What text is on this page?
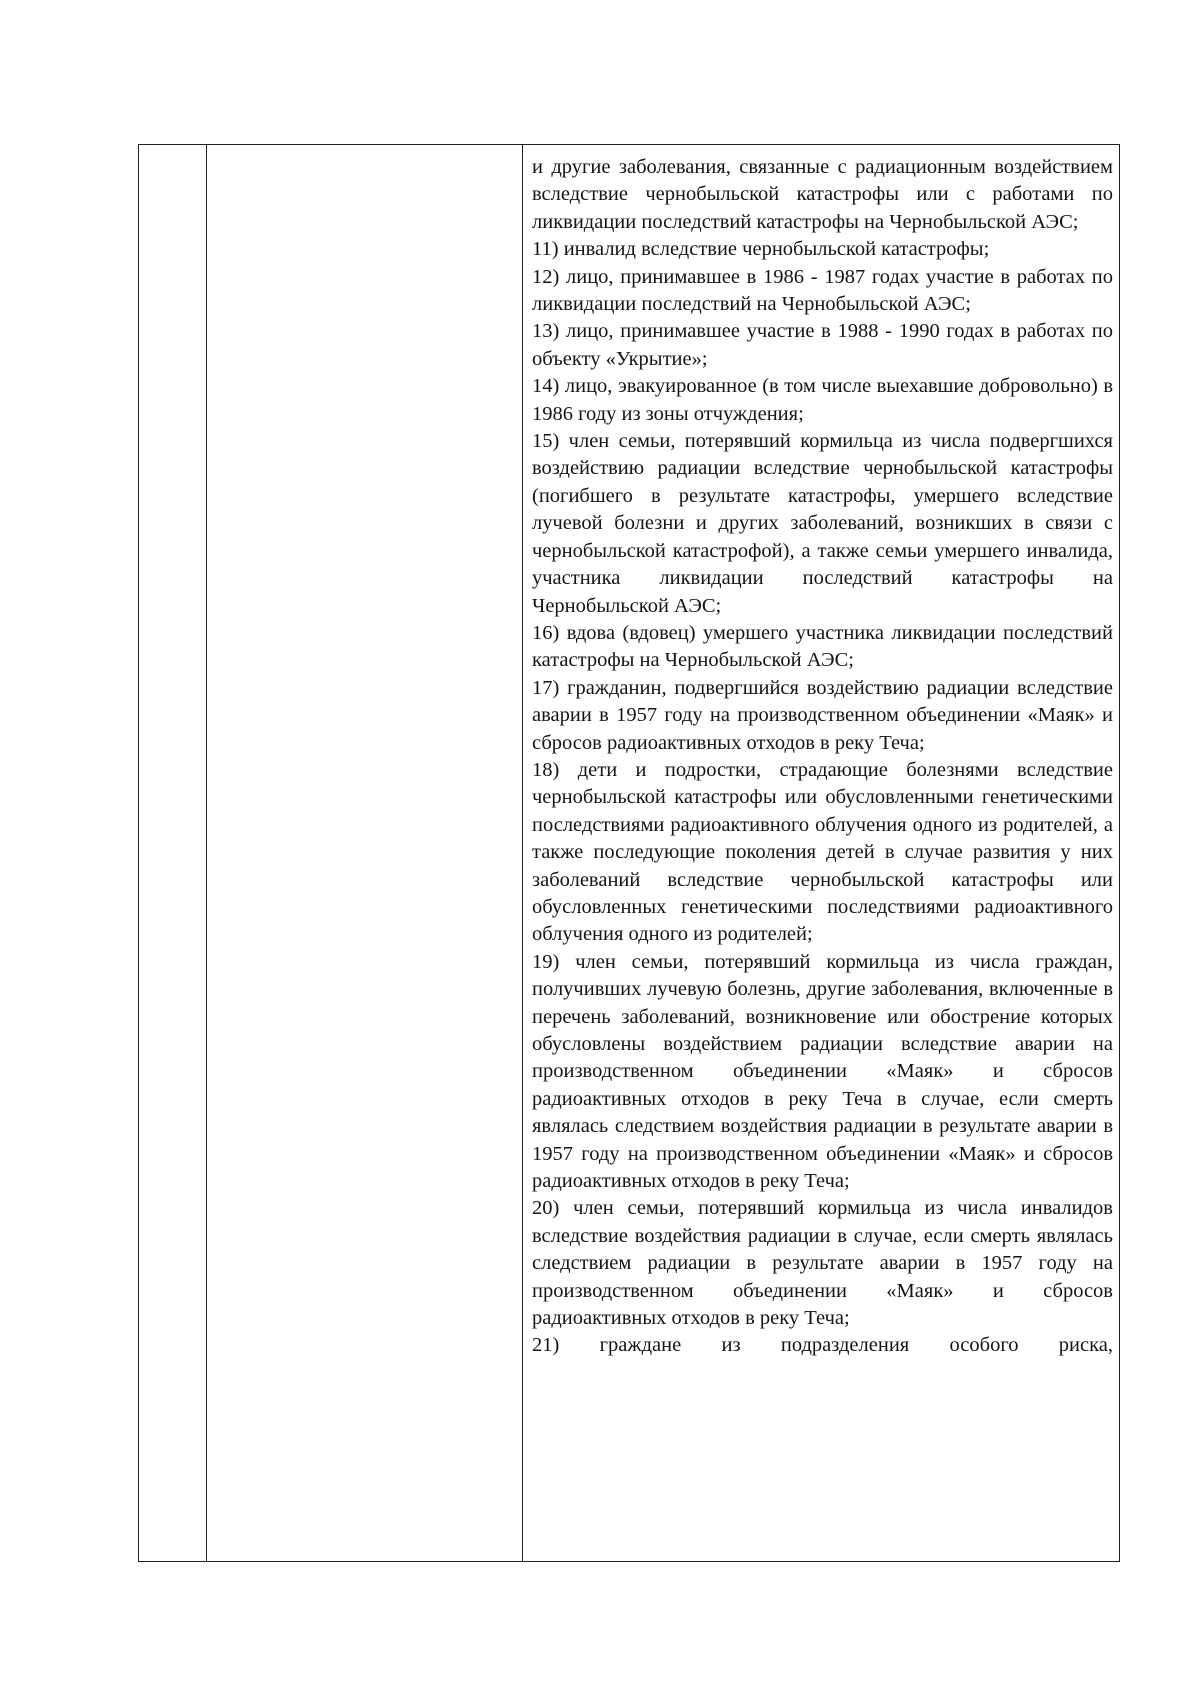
и другие заболевания, связанные с радиационным воздействием вследствие чернобыльской катастрофы или с работами по ликвидации последствий катастрофы на Чернобыльской АЭС;

11) инвалид вследствие чернобыльской катастрофы;

12) лицо, принимавшее в 1986 - 1987 годах участие в работах по ликвидации последствий на Чернобыльской АЭС;

13) лицо, принимавшее участие в 1988 - 1990 годах в работах по объекту «Укрытие»;

14) лицо, эвакуированное (в том числе выехавшие добровольно) в 1986 году из зоны отчуждения;

15) член семьи, потерявший кормильца из числа подвергшихся воздействию радиации вследствие чернобыльской катастрофы (погибшего в результате катастрофы, умершего вследствие лучевой болезни и других заболеваний, возникших в связи с чернобыльской катастрофой), а также семьи умершего инвалида, участника ликвидации последствий катастрофы на Чернобыльской АЭС;

16) вдова (вдовец) умершего участника ликвидации последствий катастрофы на Чернобыльской АЭС;

17) гражданин, подвергшийся воздействию радиации вследствие аварии в 1957 году на производственном объединении «Маяк» и сбросов радиоактивных отходов в реку Теча;

18) дети и подростки, страдающие болезнями вследствие чернобыльской катастрофы или обусловленными генетическими последствиями радиоактивного облучения одного из родителей, а также последующие поколения детей в случае развития у них заболеваний вследствие чернобыльской катастрофы или обусловленных генетическими последствиями радиоактивного облучения одного из родителей;

19) член семьи, потерявший кормильца из числа граждан, получивших лучевую болезнь, другие заболевания, включенные в перечень заболеваний, возникновение или обострение которых обусловлены воздействием радиации вследствие аварии на производственном объединении «Маяк» и сбросов радиоактивных отходов в реку Теча в случае, если смерть являлась следствием воздействия радиации в результате аварии в 1957 году на производственном объединении «Маяк» и сбросов радиоактивных отходов в реку Теча;

20) член семьи, потерявший кормильца из числа инвалидов вследствие воздействия радиации в случае, если смерть являлась следствием радиации в результате аварии в 1957 году на производственном объединении «Маяк» и сбросов радиоактивных отходов в реку Теча;

21) граждане из подразделения особого риска,
